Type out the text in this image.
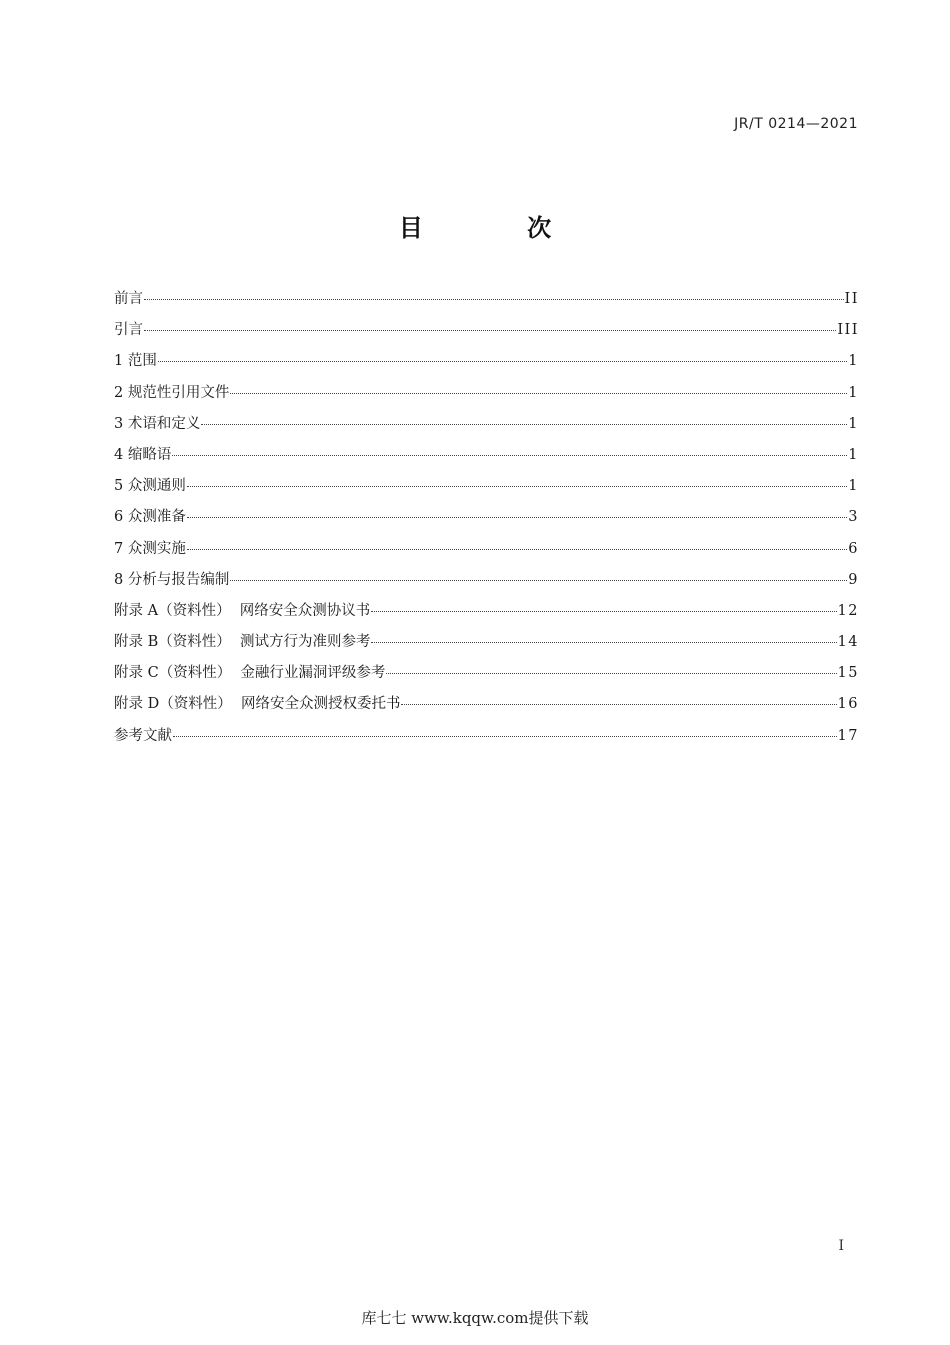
JR/T 0214—2021
目 次
前言	II
引言	III
1 范围	1
2 规范性引用文件	1
3 术语和定义	1
4 缩略语	1
5 众测通则	1
6 众测准备	3
7 众测实施	6
8 分析与报告编制	9
附录 A（资料性）  网络安全众测协议书	12
附录 B（资料性）  测试方行为准则参考	14
附录 C（资料性）  金融行业漏洞评级参考	15
附录 D（资料性）  网络安全众测授权委托书	16
参考文献	17
I
库七七 www.kqqw.com提供下载
